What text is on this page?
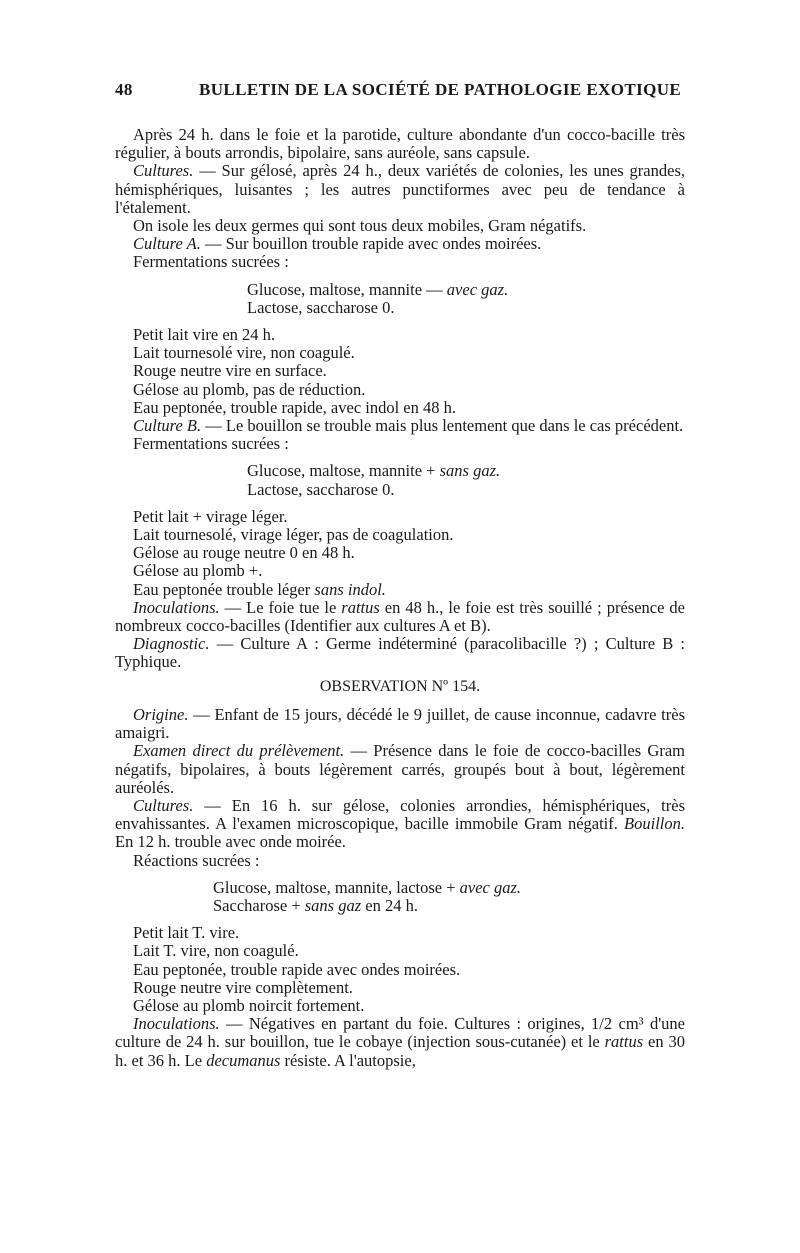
48	BULLETIN DE LA SOCIÉTÉ DE PATHOLOGIE EXOTIQUE

Après 24 h. dans le foie et la parotide, culture abondante d'un cocco-bacille très régulier, à bouts arrondis, bipolaire, sans auréole, sans capsule.

Cultures. — Sur gélosé, après 24 h., deux variétés de colonies, les unes grandes, hémisphériques, luisantes ; les autres punctiformes avec peu de tendance à l'étalement.

On isole les deux germes qui sont tous deux mobiles, Gram négatifs.

Culture A. — Sur bouillon trouble rapide avec ondes moirées.

Fermentations sucrées :

Glucose, maltose, mannite — avec gaz.

Lactose, saccharose 0.

Petit lait vire en 24 h.

Lait tournesolé vire, non coagulé.

Rouge neutre vire en surface.

Gélose au plomb, pas de réduction.

Eau peptonée, trouble rapide, avec indol en 48 h.

Culture B. — Le bouillon se trouble mais plus lentement que dans le cas précédent.

Fermentations sucrées :

Glucose, maltose, mannite + sans gaz.

Lactose, saccharose 0.

Petit lait + virage léger.

Lait tournesolé, virage léger, pas de coagulation.

Gélose au rouge neutre 0 en 48 h.

Gélose au plomb +.

Eau peptonée trouble léger sans indol.

Inoculations. — Le foie tue le rattus en 48 h., le foie est très souillé ; présence de nombreux cocco-bacilles (Identifier aux cultures A et B).

Diagnostic. — Culture A : Germe indéterminé (paracolibacille ?) ; Culture B : Typhique.

OBSERVATION Nº 154.

Origine. — Enfant de 15 jours, décédé le 9 juillet, de cause inconnue, cadavre très amaigri.

Examen direct du prélèvement. — Présence dans le foie de cocco-bacilles Gram négatifs, bipolaires, à bouts légèrement carrés, groupés bout à bout, légèrement auréolés.

Cultures. — En 16 h. sur gélose, colonies arrondies, hémisphériques, très envahissantes. A l'examen microscopique, bacille immobile Gram négatif. Bouillon. En 12 h. trouble avec onde moirée.

Réactions sucrées :

Glucose, maltose, mannite, lactose + avec gaz.

Saccharose + sans gaz en 24 h.

Petit lait T. vire.

Lait T. vire, non coagulé.

Eau peptonée, trouble rapide avec ondes moirées.

Rouge neutre vire complètement.

Gélose au plomb noircit fortement.

Inoculations. — Négatives en partant du foie. Cultures : origines, 1/2 cm³ d'une culture de 24 h. sur bouillon, tue le cobaye (injection sous-cutanée) et le rattus en 30 h. et 36 h. Le decumanus résiste. A l'autopsie,
